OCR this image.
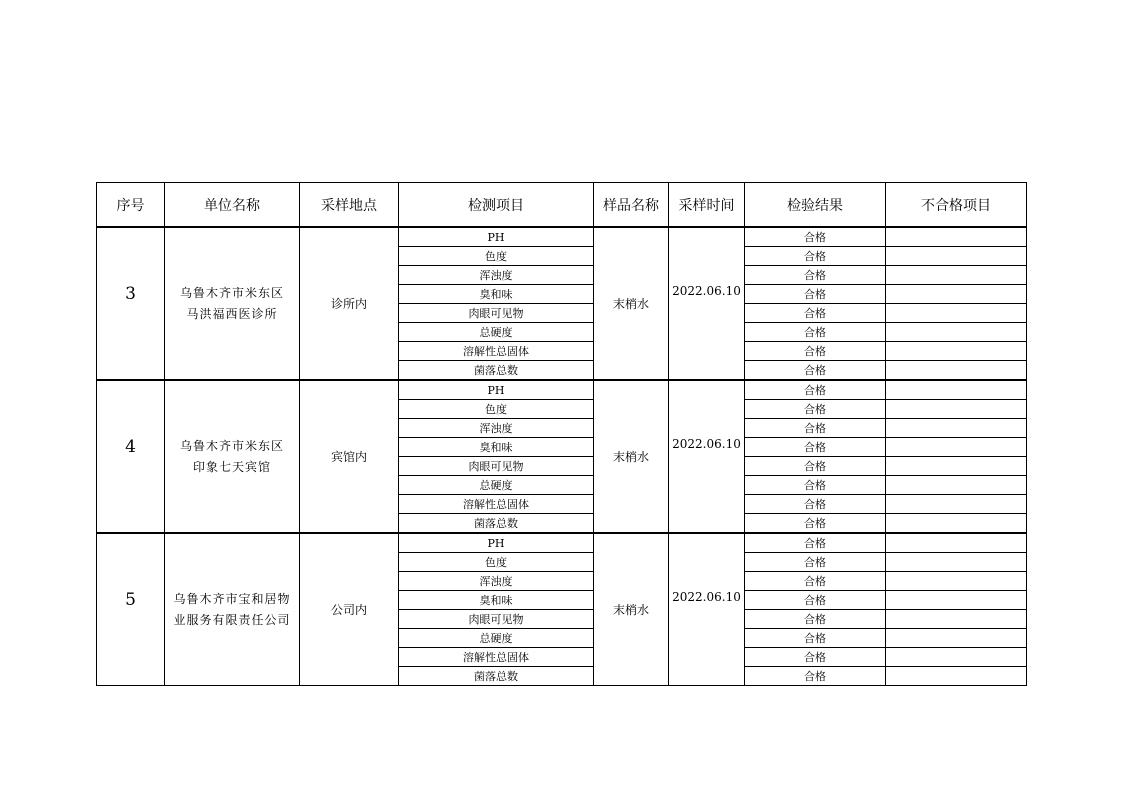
序号	单位名称	采样地点	检测项目	样品名称	采样时间	检验结果	不合格项目

3	乌鲁木齐市米东区
马洪福西医诊所	诊所内	PH	末梢水	2022.06.10	合格	
			色度			合格	
			浑浊度			合格	
			臭和味			合格	
			肉眼可见物			合格	
			总硬度			合格	
			溶解性总固体			合格	
			菌落总数			合格	

4	乌鲁木齐市米东区
印象七天宾馆	宾馆内	PH	末梢水	2022.06.10	合格	
			色度			合格	
			浑浊度			合格	
			臭和味			合格	
			肉眼可见物			合格	
			总硬度			合格	
			溶解性总固体			合格	
			菌落总数			合格	

5	乌鲁木齐市宝和居物
业服务有限责任公司	公司内	PH	末梢水	2022.06.10	合格	
			色度			合格	
			浑浊度			合格	
			臭和味			合格	
			肉眼可见物			合格	
			总硬度			合格	
			溶解性总固体			合格	
			菌落总数			合格	
